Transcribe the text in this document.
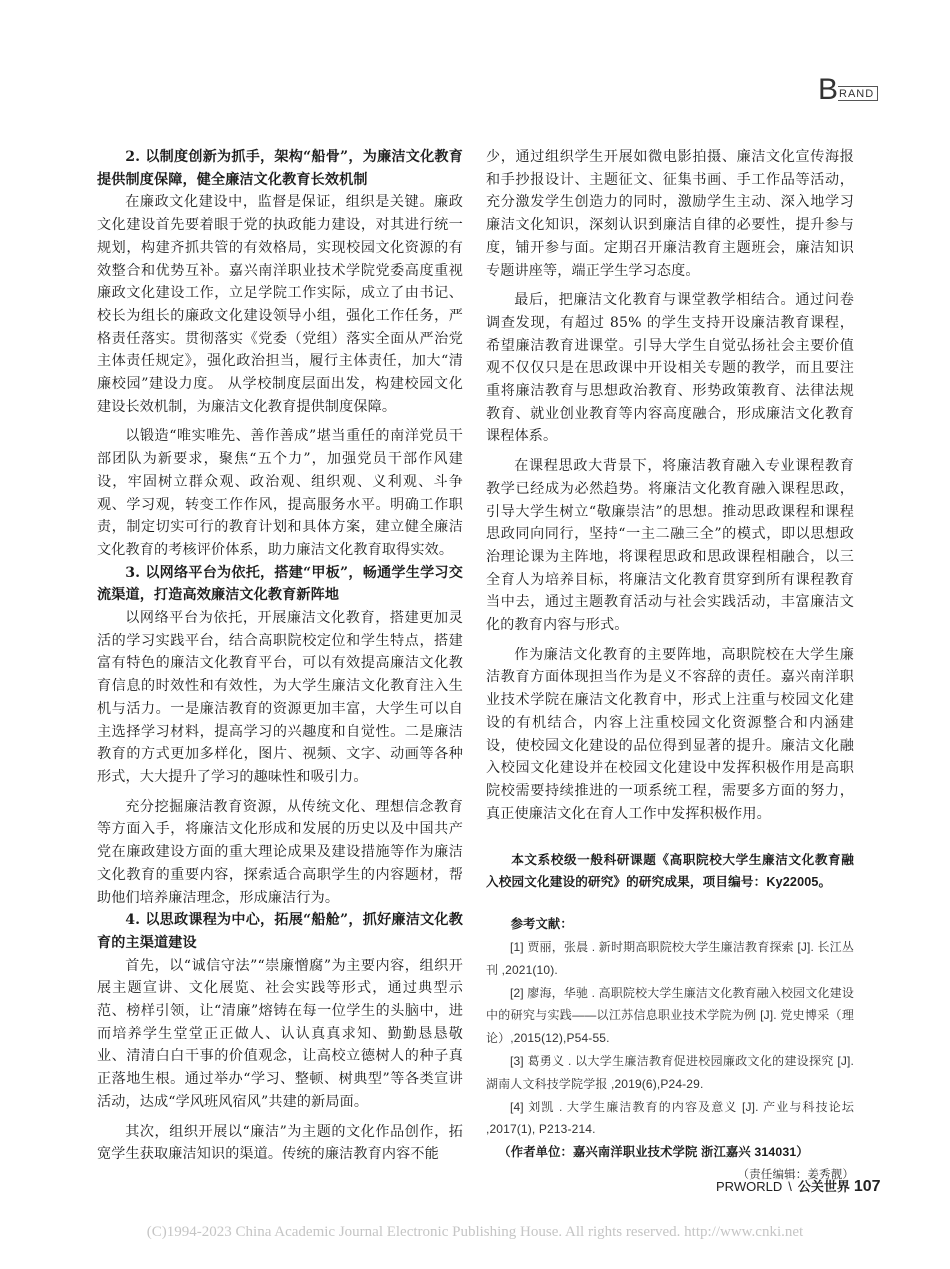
B RAND

2. 以制度创新为抓手，架构“船骨”，为廉洁文化教育提供制度保障，健全廉洁文化教育长效机制

在廉政文化建设中，监督是保证，组织是关键。廉政文化建设首先要着眼于党的执政能力建设，对其进行统一规划，构建齐抓共管的有效格局，实现校园文化资源的有效整合和优势互补。嘉兴南洋职业技术学院党委高度重视廉政文化建设工作，立足学院工作实际，成立了由书记、校长为组长的廉政文化建设领导小组，强化工作任务，严格责任落实。贯彻落实《党委（党组）落实全面从严治党主体责任规定》，强化政治担当，履行主体责任，加大“清廉校园”建设力度。 从学校制度层面出发，构建校园文化建设长效机制，为廉洁文化教育提供制度保障。

以锻造“唯实唯先、善作善成”堪当重任的南洋党员干部团队为新要求，聚焦“五个力”，加强党员干部作风建设，牢固树立群众观、政治观、组织观、义利观、斗争观、学习观，转变工作作风，提高服务水平。明确工作职责，制定切实可行的教育计划和具体方案，建立健全廉洁文化教育的考核评价体系，助力廉洁文化教育取得实效。

3. 以网络平台为依托，搭建“甲板”，畅通学生学习交流渠道，打造高效廉洁文化教育新阵地

以网络平台为依托，开展廉洁文化教育，搭建更加灵活的学习实践平台，结合高职院校定位和学生特点，搭建富有特色的廉洁文化教育平台，可以有效提高廉洁文化教育信息的时效性和有效性，为大学生廉洁文化教育注入生机与活力。一是廉洁教育的资源更加丰富，大学生可以自主选择学习材料，提高学习的兴趣度和自觉性。二是廉洁教育的方式更加多样化，图片、视频、文字、动画等各种形式，大大提升了学习的趣味性和吸引力。

充分挖掘廉洁教育资源，从传统文化、理想信念教育等方面入手，将廉洁文化形成和发展的历史以及中国共产党在廉政建设方面的重大理论成果及建设措施等作为廉洁文化教育的重要内容，探索适合高职学生的内容题材，帮助他们培养廉洁理念，形成廉洁行为。

4. 以思政课程为中心，拓展“船舱”，抓好廉洁文化教育的主渠道建设

首先，以“诚信守法”“崇廉憎腐”为主要内容，组织开展主题宣讲、文化展览、社会实践等形式，通过典型示范、榜样引领，让“清廉”熔铸在每一位学生的头脑中，进而培养学生堂堂正正做人、认认真真求知、勤勤恳恳敬业、清清白白干事的价值观念，让高校立德树人的种子真正落地生根。通过举办“学习、整顿、树典型”等各类宣讲活动，达成“学风班风宿风”共建的新局面。

其次，组织开展以“廉洁”为主题的文化作品创作，拓宽学生获取廉洁知识的渠道。传统的廉洁教育内容不能

少，通过组织学生开展如微电影拍摄、廉洁文化宣传海报和手抄报设计、主题征文、征集书画、手工作品等活动，充分激发学生创造力的同时，激励学生主动、深入地学习廉洁文化知识，深刻认识到廉洁自律的必要性，提升参与度，铺开参与面。定期召开廉洁教育主题班会，廉洁知识专题讲座等，端正学生学习态度。

最后，把廉洁文化教育与课堂教学相结合。通过问卷调查发现，有超过 85% 的学生支持开设廉洁教育课程，希望廉洁教育进课堂。引导大学生自觉弘扬社会主要价值观不仅仅只是在思政课中开设相关专题的教学，而且要注重将廉洁教育与思想政治教育、形势政策教育、法律法规教育、就业创业教育等内容高度融合，形成廉洁文化教育课程体系。

在课程思政大背景下，将廉洁教育融入专业课程教育教学已经成为必然趋势。将廉洁文化教育融入课程思政，引导大学生树立“敬廉崇洁”的思想。推动思政课程和课程思政同向同行，坚持“一主二融三全”的模式，即以思想政治理论课为主阵地，将课程思政和思政课程相融合，以三全育人为培养目标，将廉洁文化教育贯穿到所有课程教育当中去，通过主题教育活动与社会实践活动，丰富廉洁文化的教育内容与形式。

作为廉洁文化教育的主要阵地，高职院校在大学生廉洁教育方面体现担当作为是义不容辞的责任。嘉兴南洋职业技术学院在廉洁文化教育中，形式上注重与校园文化建设的有机结合，内容上注重校园文化资源整合和内涵建设，使校园文化建设的品位得到显著的提升。廉洁文化融入校园文化建设并在校园文化建设中发挥积极作用是高职院校需要持续推进的一项系统工程，需要多方面的努力，真正使廉洁文化在育人工作中发挥积极作用。

本文系校级一般科研课题《高职院校大学生廉洁文化教育融入校园文化建设的研究》的研究成果，项目编号：Ky22005。

参考文献：

[1] 贾丽，张晨 . 新时期高职院校大学生廉洁教育探索 [J]. 长江丛刊 ,2021(10).

[2] 廖海，华驰 . 高职院校大学生廉洁文化教育融入校园文化建设中的研究与实践——以江苏信息职业技术学院为例 [J]. 党史博采（理论）,2015(12),P54-55.

[3] 葛勇义 . 以大学生廉洁教育促进校园廉政文化的建设探究 [J]. 湖南人文科技学院学报 ,2019(6),P24-29.

[4] 刘凯 . 大学生廉洁教育的内容及意义 [J]. 产业与科技论坛 ,2017(1), P213-214.

（作者单位：嘉兴南洋职业技术学院 浙江嘉兴 314031）

（责任编辑：姜秀靓）

PRWORLD \ 公关世界 107
(C)1994-2023 China Academic Journal Electronic Publishing House. All rights reserved. http://www.cnki.net
